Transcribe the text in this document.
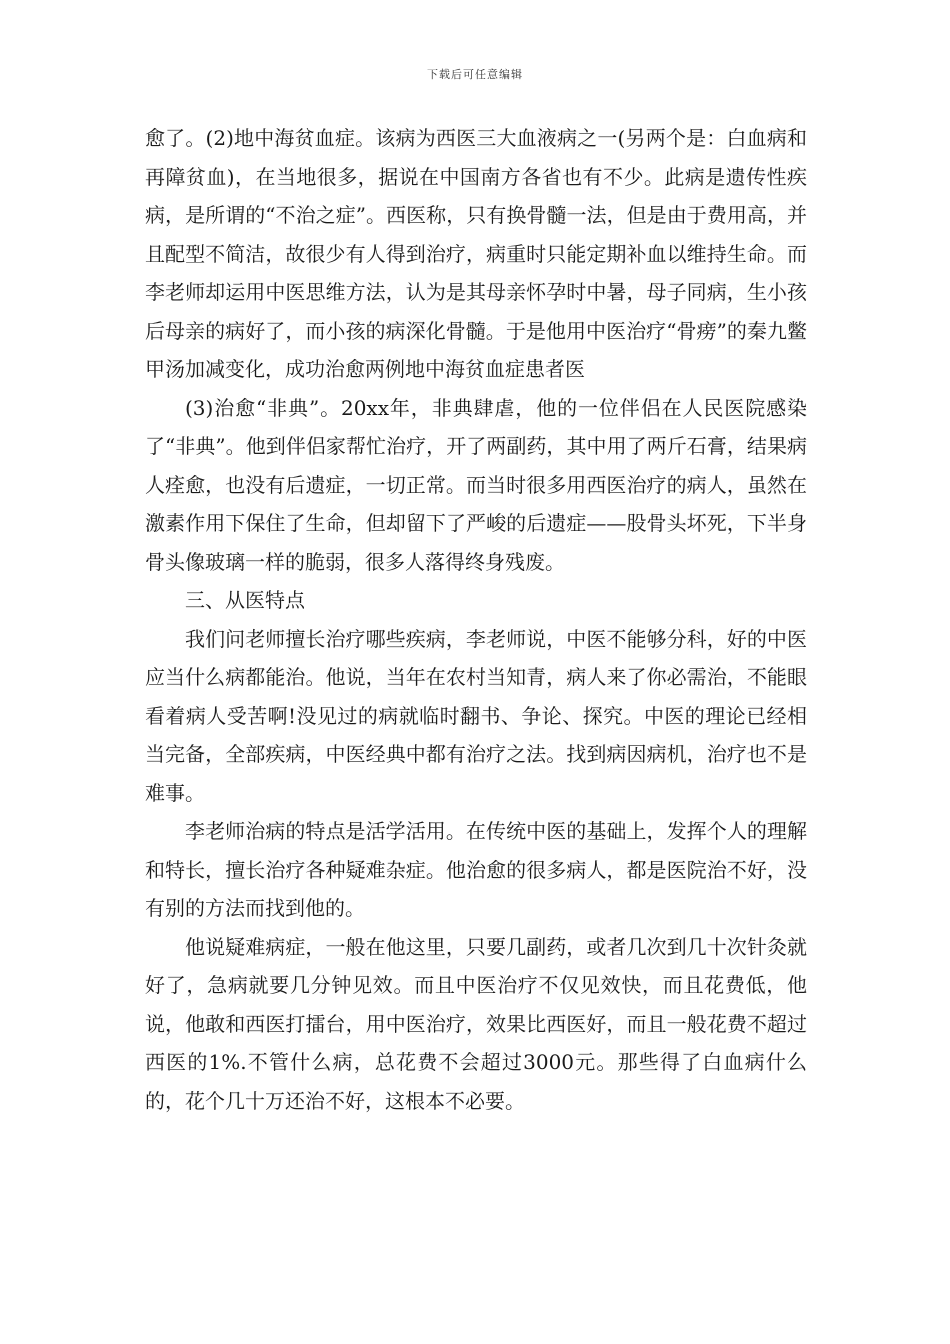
下载后可任意编辑

愈了。(2)地中海贫血症。该病为西医三大血液病之一(另两个是：白血病和再障贫血)，在当地很多，据说在中国南方各省也有不少。此病是遗传性疾病，是所谓的“不治之症”。西医称，只有换骨髓一法，但是由于费用高，并且配型不简洁，故很少有人得到治疗，病重时只能定期补血以维持生命。而李老师却运用中医思维方法，认为是其母亲怀孕时中暑，母子同病，生小孩后母亲的病好了，而小孩的病深化骨髓。于是他用中医治疗“骨痨”的秦九鳖甲汤加减变化，成功治愈两例地中海贫血症患者医

(3)治愈“非典”。20xx年，非典肆虐，他的一位伴侣在人民医院感染了“非典”。他到伴侣家帮忙治疗，开了两副药，其中用了两斤石膏，结果病人痊愈，也没有后遗症，一切正常。而当时很多用西医治疗的病人，虽然在激素作用下保住了生命，但却留下了严峻的后遗症——股骨头坏死，下半身骨头像玻璃一样的脆弱，很多人落得终身残废。

三、从医特点

我们问老师擅长治疗哪些疾病，李老师说，中医不能够分科，好的中医应当什么病都能治。他说，当年在农村当知青，病人来了你必需治，不能眼看着病人受苦啊!没见过的病就临时翻书、争论、探究。中医的理论已经相当完备，全部疾病，中医经典中都有治疗之法。找到病因病机，治疗也不是难事。

李老师治病的特点是活学活用。在传统中医的基础上，发挥个人的理解和特长，擅长治疗各种疑难杂症。他治愈的很多病人，都是医院治不好，没有别的方法而找到他的。

他说疑难病症，一般在他这里，只要几副药，或者几次到几十次针灸就好了，急病就要几分钟见效。而且中医治疗不仅见效快，而且花费低，他说，他敢和西医打擂台，用中医治疗，效果比西医好，而且一般花费不超过西医的1%.不管什么病，总花费不会超过3000元。那些得了白血病什么的，花个几十万还治不好，这根本不必要。
